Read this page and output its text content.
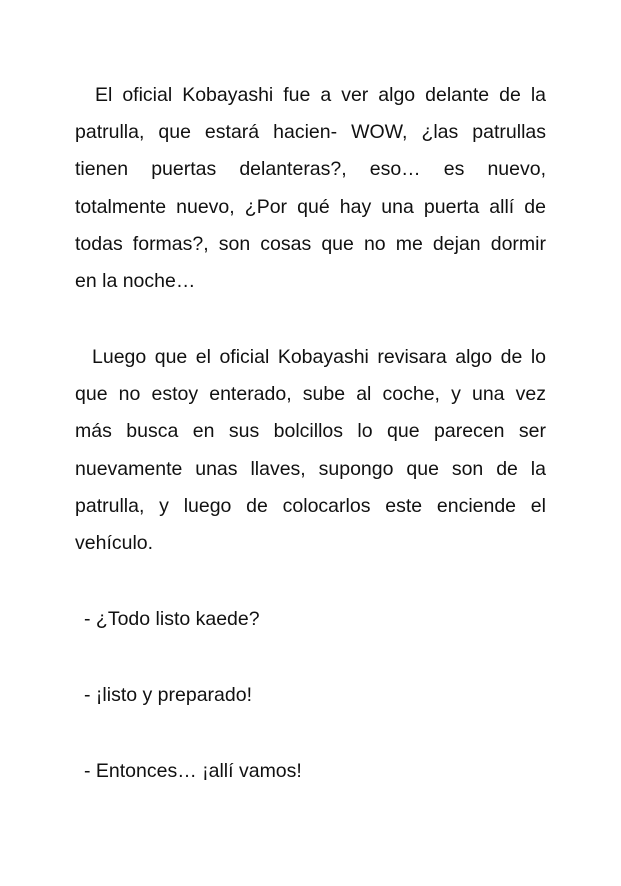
El oficial Kobayashi fue a ver algo delante de la
patrulla, que estará hacien- WOW, ¿las patrullas
tienen puertas delanteras?, eso… es nuevo,
totalmente nuevo, ¿Por qué hay una puerta allí de
todas formas?, son cosas que no me dejan dormir
en la noche…
Luego que el oficial Kobayashi revisara algo de lo
que no estoy enterado, sube al coche, y una vez
más busca en sus bolcillos lo que parecen ser
nuevamente unas llaves, supongo que son de la
patrulla, y luego de colocarlos este enciende el
vehículo.

- ¿Todo listo kaede?

- ¡listo y preparado!

- Entonces… ¡allí vamos!
